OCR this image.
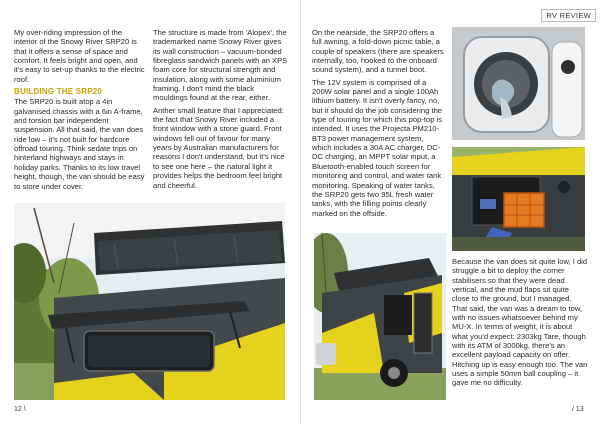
My over-riding impression of the interior of the Snowy River SRP20 is that it offers a sense of space and comfort. It feels bright and open, and it's easy to set-up thanks to the electric roof.

BUILDING THE SRP20

The SRP20 is built atop a 4in galvanised chassis with a 6in A-frame, and torsion bar independent suspension. All that said, the van does ride low – it's not built for hardcore offroad touring. Think sedate trips on hinterland highways and stays in holiday parks. Thanks to its low travel height, though, the van should be easy to store under cover.

The structure is made from 'Alopex', the trademarked name Snowy River gives its wall construction – vacuum-bonded fibreglass sandwich panels with an XPS foam core for structural strength and insulation, along with some aluminium framing. I don't mind the black mouldings found at the rear, either.

Anther small feature that I appreciated: the fact that Snowy River included a front window with a stone guard. Front windows fell out of favour for many years by Australian manufacturers for reasons I don't understand, but it's nice to see one here – the natural light it provides helps the bedroom feel bright and cheerful.

12 \
RV REVIEW

On the nearside, the SRP20 offers a full awning, a fold-down picnic table, a couple of speakers (there are speakers internally, too, hooked to the onboard sound system), and a tunnel boot.

The 12V system is comprised of a 200W solar panel and a single 100Ah lithium battery. It isn't overly fancy, no, but it should do the job considering the type of touring for which this pop-top is intended. It uses the Projecta PM210-BT3 power management system, which includes a 30A AC charger, DC-DC charging, an MPPT solar input, a Bluetooth-enabled touch screen for monitoring and control, and water tank monitoring. Speaking of water tanks, the SRP20 gets two 95L fresh water tanks, with the filling points clearly marked on the offside.

Because the van does sit quite low, I did struggle a bit to deploy the corner stabilisers so that they were dead vertical, and the mud flaps sit quite close to the ground, but I managed. That said, the van was a dream to tow, with no issues whatsoever behind my MU-X. In terms of weight, it is about what you'd expect: 2303kg Tare, though with its ATM of 3000kg, there's an excellent payload capacity on offer. Hitching up is easy enough too. The van uses a simple 50mm ball coupling – it gave me no difficulty.

/ 13
